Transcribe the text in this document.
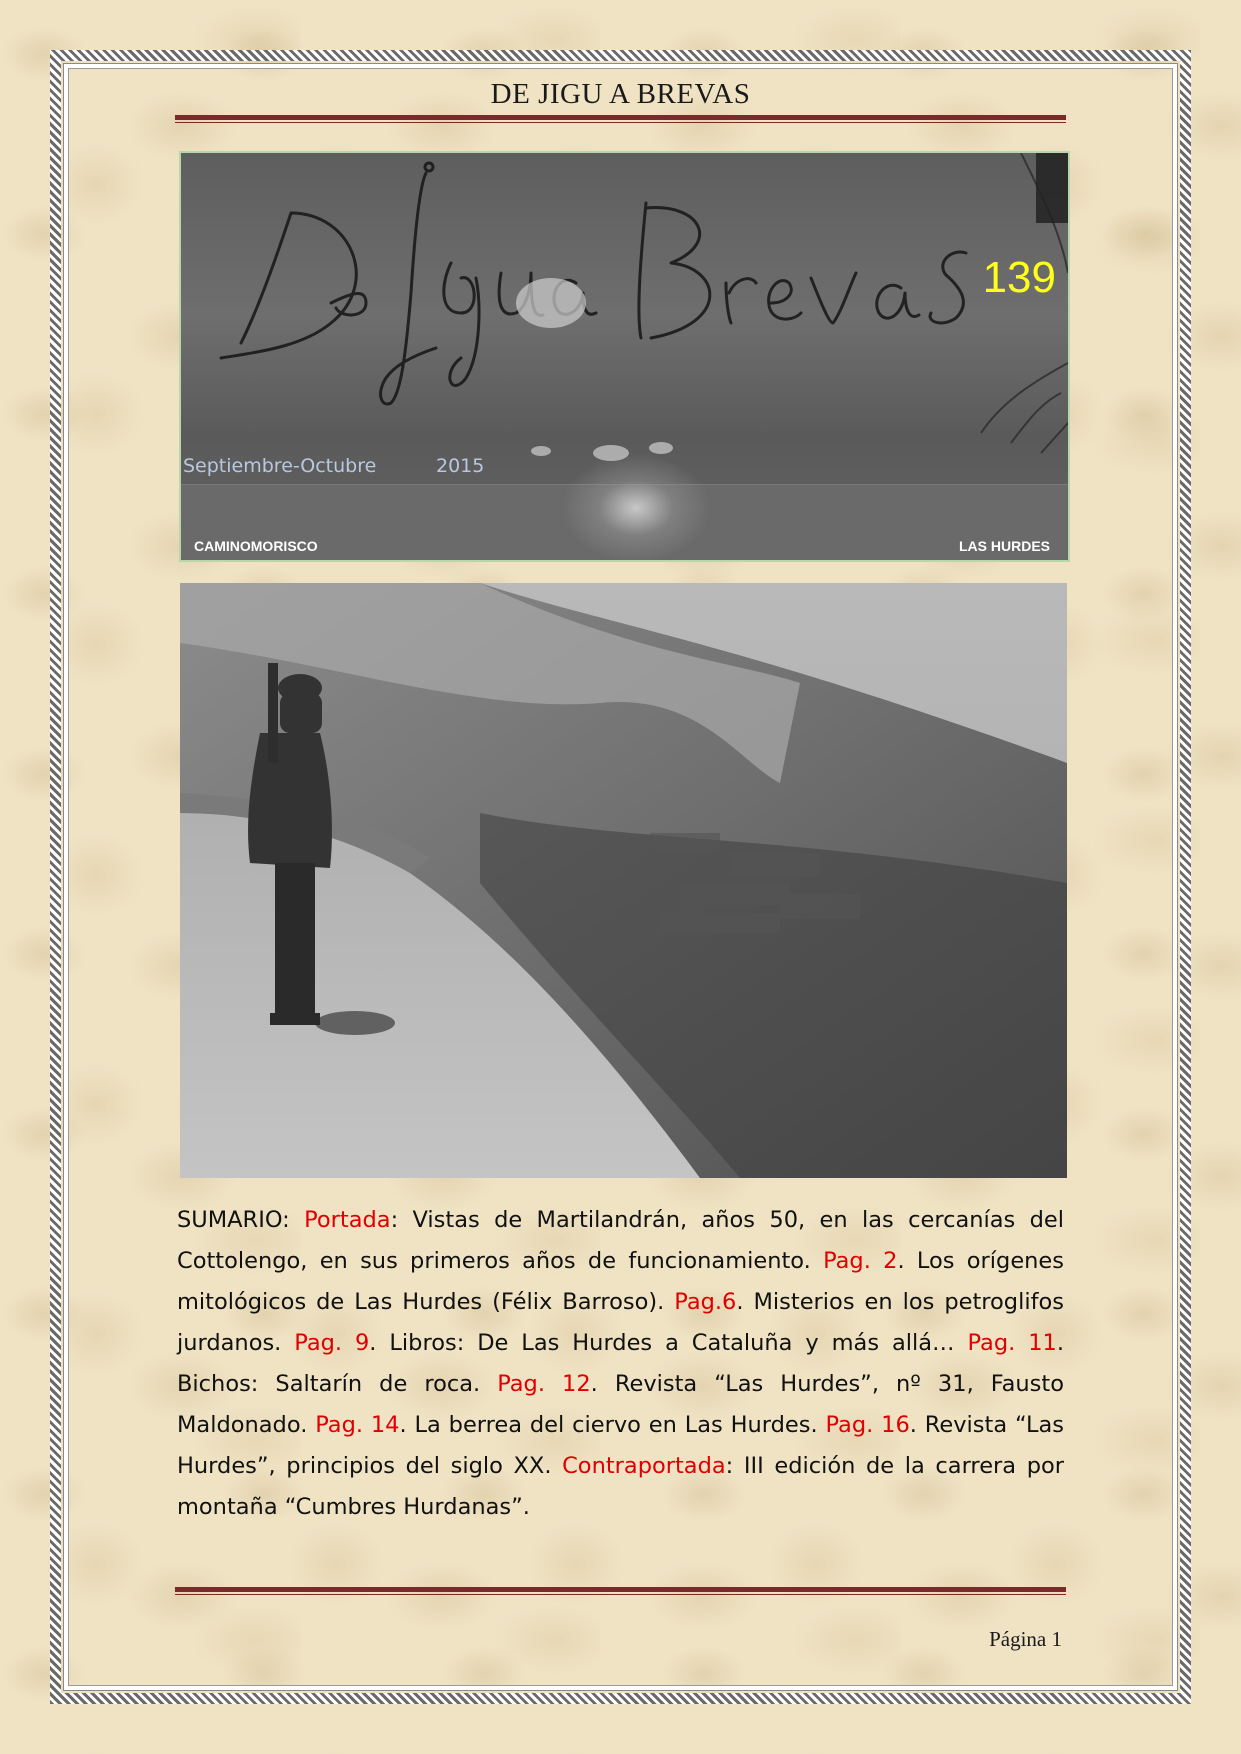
DE JIGU A BREVAS
139
Septiembre-Octubre	2015
CAMINOMORISCO	LAS HURDES
SUMARIO: Portada: Vistas de Martilandrán, años 50, en las cercanías del Cottolengo, en sus primeros años de funcionamiento. Pag. 2. Los orígenes mitológicos de Las Hurdes (Félix Barroso). Pag.6. Misterios en los petroglifos jurdanos. Pag. 9. Libros: De Las Hurdes a Cataluña y más allá… Pag. 11. Bichos: Saltarín de roca. Pag. 12. Revista “Las Hurdes”, nº 31, Fausto Maldonado. Pag. 14. La berrea del ciervo en Las Hurdes. Pag. 16. Revista “Las Hurdes”, principios del siglo XX. Contraportada: III edición de la carrera por montaña “Cumbres Hurdanas”.
Página 1
